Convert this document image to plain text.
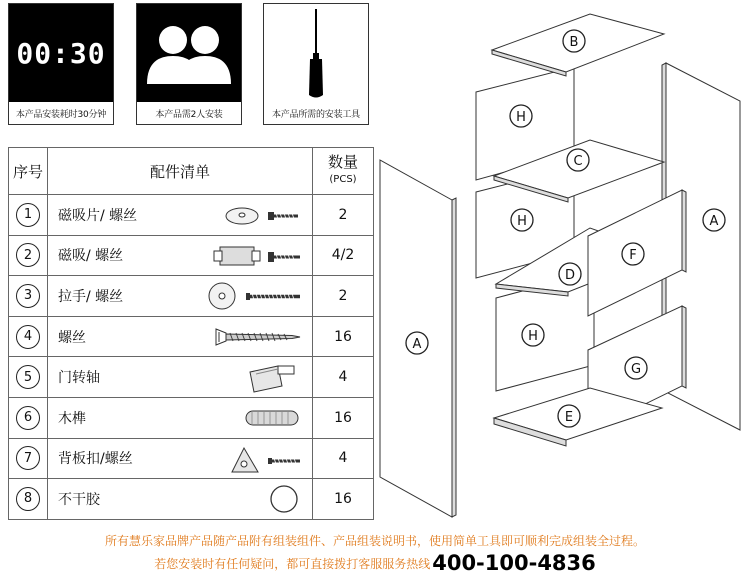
00:30
本产品安装耗时30分钟	本产品需2人安装	本产品所需的安装工具
序号	配件清单	数量
(PCS)

1	磁吸片/ 螺丝	2
2	磁吸/ 螺丝	4/2
3	拉手/ 螺丝	2
4	螺丝	16
5	门转轴	4
6	木榫	16
7	背板扣/螺丝	4
8	不干胶	16
A
A
B
C
D
E
F
G
H
H
H
所有慧乐家品牌产品随产品附有组装组件、产品组装说明书，使用简单工具即可顺利完成组装全过程。
若您安装时有任何疑问，都可直接拨打客服服务热线400-100-4836
